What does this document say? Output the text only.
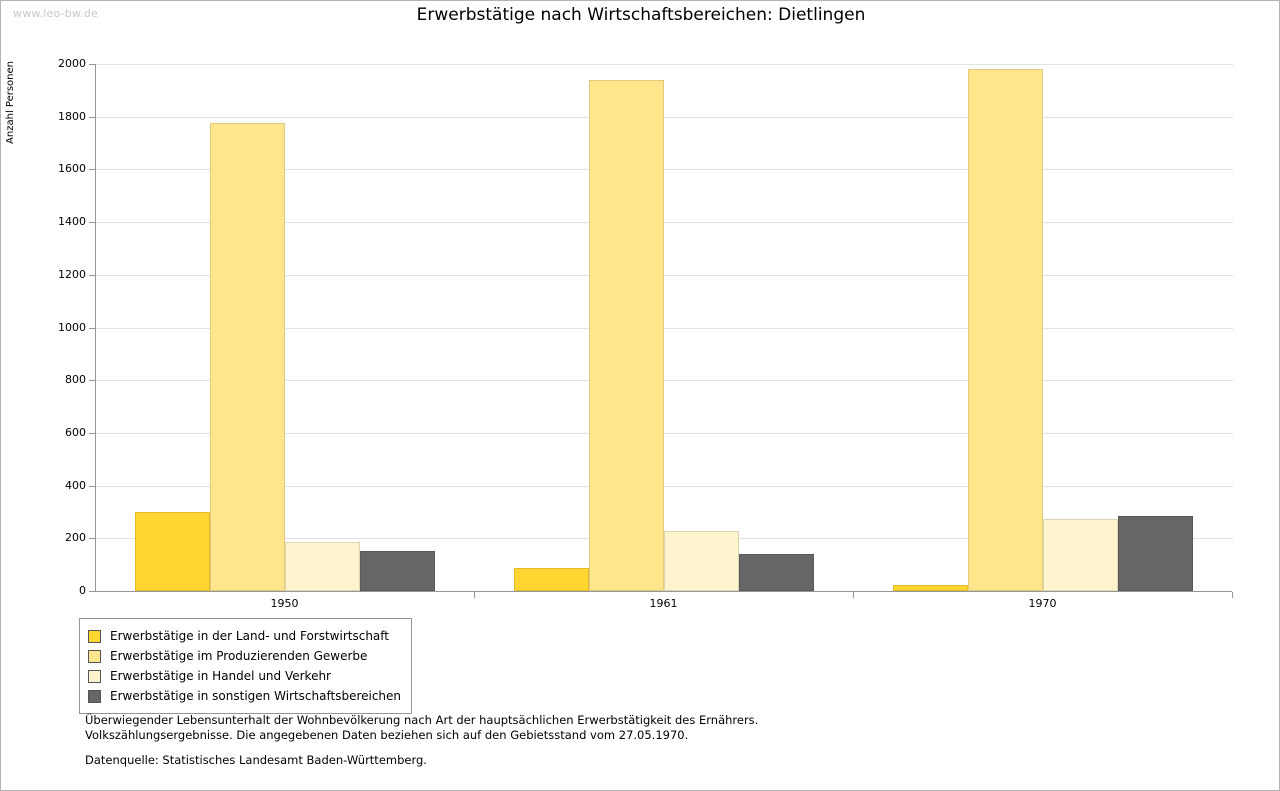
www.leo-bw.de	Erwerbstätige nach Wirtschaftsbereichen: Dietlingen
Anzahl Personen
0
200
400
600
800
1000
1200
1400
1600
1800
2000
1950	1961	1970
Erwerbstätige in der Land- und Forstwirtschaft
Erwerbstätige im Produzierenden Gewerbe
Erwerbstätige in Handel und Verkehr
Erwerbstätige in sonstigen Wirtschaftsbereichen
Überwiegender Lebensunterhalt der Wohnbevölkerung nach Art der hauptsächlichen Erwerbstätigkeit des Ernährers.
Volkszählungsergebnisse. Die angegebenen Daten beziehen sich auf den Gebietsstand vom 27.05.1970.
Datenquelle: Statistisches Landesamt Baden-Württemberg.
